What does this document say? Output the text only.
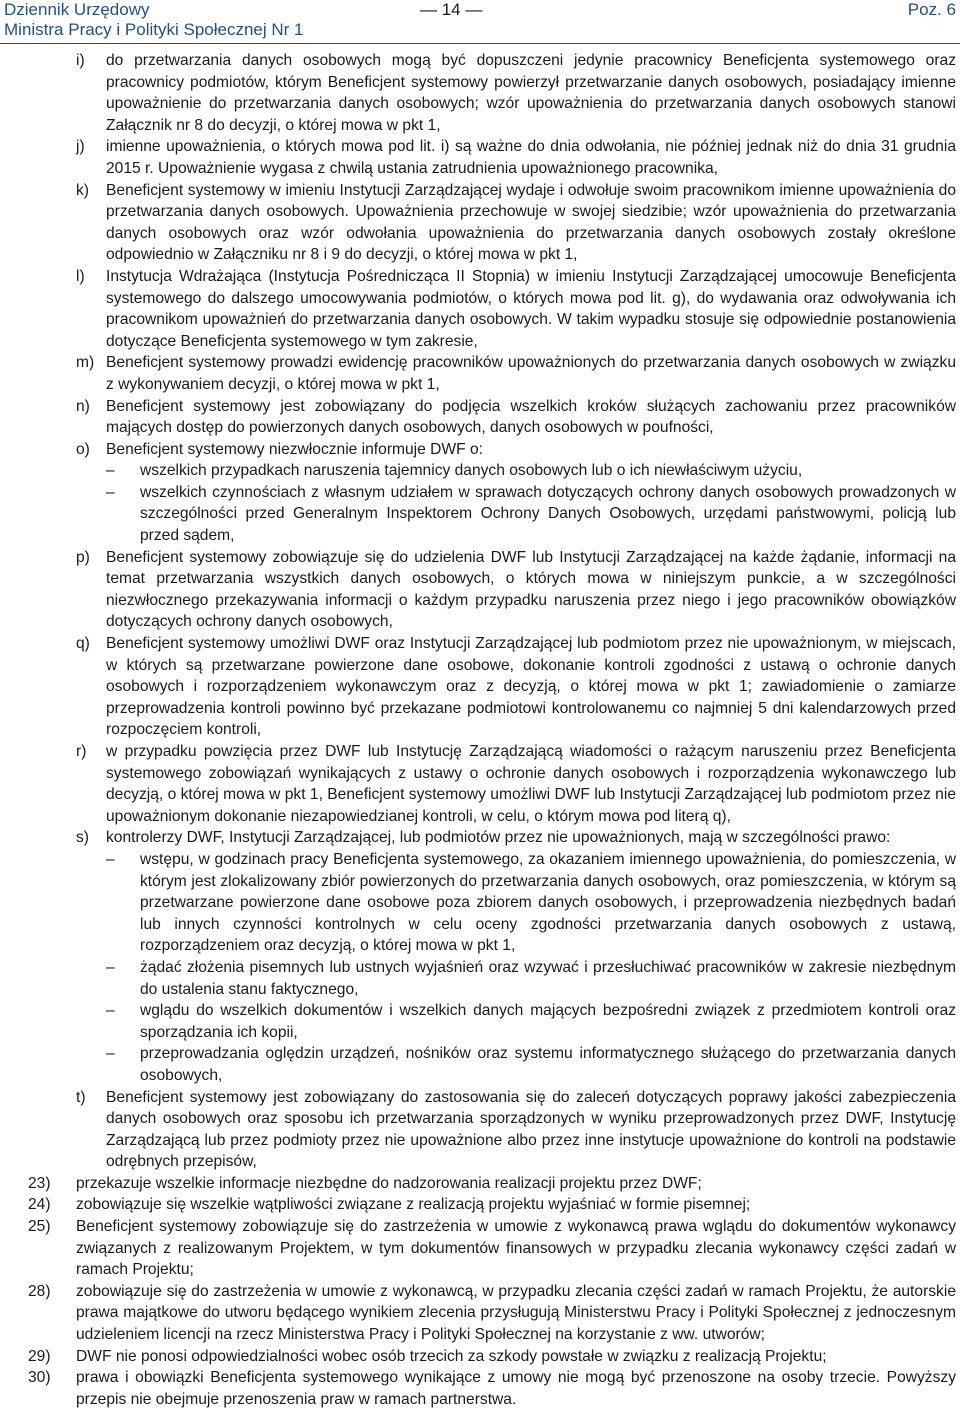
Dziennik Urzędowy
Ministra Pracy i Polityki Społecznej Nr 1
— 14 —	Poz. 6
i) do przetwarzania danych osobowych mogą być dopuszczeni jedynie pracownicy Beneficjenta systemowego oraz pracownicy podmiotów, którym Beneficjent systemowy powierzył przetwarzanie danych osobowych, posiadający imienne upoważnienie do przetwarzania danych osobowych; wzór upoważnienia do przetwarzania danych osobowych stanowi Załącznik nr 8 do decyzji, o której mowa w pkt 1,
j) imienne upoważnienia, o których mowa pod lit. i) są ważne do dnia odwołania, nie później jednak niż do dnia 31 grudnia 2015 r. Upoważnienie wygasa z chwilą ustania zatrudnienia upoważnionego pracownika,
k) Beneficjent systemowy w imieniu Instytucji Zarządzającej wydaje i odwołuje swoim pracownikom imienne upoważnienia do przetwarzania danych osobowych. Upoważnienia przechowuje w swojej siedzibie; wzór upoważnienia do przetwarzania danych osobowych oraz wzór odwołania upoważnienia do przetwarzania danych osobowych zostały określone odpowiednio w Załączniku nr 8 i 9 do decyzji, o której mowa w pkt 1,
l) Instytucja Wdrażająca (Instytucja Pośrednicząca II Stopnia) w imieniu Instytucji Zarządzającej umocowuje Beneficjenta systemowego do dalszego umocowywania podmiotów, o których mowa pod lit. g), do wydawania oraz odwoływania ich pracownikom upoważnień do przetwarzania danych osobowych. W takim wypadku stosuje się odpowiednie postanowienia dotyczące Beneficjenta systemowego w tym zakresie,
m) Beneficjent systemowy prowadzi ewidencję pracowników upoważnionych do przetwarzania danych osobowych w związku z wykonywaniem decyzji, o której mowa w pkt 1,
n) Beneficjent systemowy jest zobowiązany do podjęcia wszelkich kroków służących zachowaniu przez pracowników mających dostęp do powierzonych danych osobowych, danych osobowych w poufności,
o) Beneficjent systemowy niezwłocznie informuje DWF o:
– wszelkich przypadkach naruszenia tajemnicy danych osobowych lub o ich niewłaściwym użyciu,
– wszelkich czynnościach z własnym udziałem w sprawach dotyczących ochrony danych osobowych prowadzonych w szczególności przed Generalnym Inspektorem Ochrony Danych Osobowych, urzędami państwowymi, policją lub przed sądem,
p) Beneficjent systemowy zobowiązuje się do udzielenia DWF lub Instytucji Zarządzającej na każde żądanie, informacji na temat przetwarzania wszystkich danych osobowych, o których mowa w niniejszym punkcie, a w szczególności niezwłocznego przekazywania informacji o każdym przypadku naruszenia przez niego i jego pracowników obowiązków dotyczących ochrony danych osobowych,
q) Beneficjent systemowy umożliwi DWF oraz Instytucji Zarządzającej lub podmiotom przez nie upoważnionym, w miejscach, w których są przetwarzane powierzone dane osobowe, dokonanie kontroli zgodności z ustawą o ochronie danych osobowych i rozporządzeniem wykonawczym oraz z decyzją, o której mowa w pkt 1; zawiadomienie o zamiarze przeprowadzenia kontroli powinno być przekazane podmiotowi kontrolowanemu co najmniej 5 dni kalendarzowych przed rozpoczęciem kontroli,
r) w przypadku powzięcia przez DWF lub Instytucję Zarządzającą wiadomości o rażącym naruszeniu przez Beneficjenta systemowego zobowiązań wynikających z ustawy o ochronie danych osobowych i rozporządzenia wykonawczego lub decyzją, o której mowa w pkt 1, Beneficjent systemowy umożliwi DWF lub Instytucji Zarządzającej lub podmiotom przez nie upoważnionym dokonanie niezapowiedzianej kontroli, w celu, o którym mowa pod literą q),
s) kontrolerzy DWF, Instytucji Zarządzającej, lub podmiotów przez nie upoważnionych, mają w szczególności prawo:
– wstępu, w godzinach pracy Beneficjenta systemowego, za okazaniem imiennego upoważnienia, do pomieszczenia, w którym jest zlokalizowany zbiór powierzonych do przetwarzania danych osobowych, oraz pomieszczenia, w którym są przetwarzane powierzone dane osobowe poza zbiorem danych osobowych, i przeprowadzenia niezbędnych badań lub innych czynności kontrolnych w celu oceny zgodności przetwarzania danych osobowych z ustawą, rozporządzeniem oraz decyzją, o której mowa w pkt 1,
– żądać złożenia pisemnych lub ustnych wyjaśnień oraz wzywać i przesłuchiwać pracowników w zakresie niezbędnym do ustalenia stanu faktycznego,
– wglądu do wszelkich dokumentów i wszelkich danych mających bezpośredni związek z przedmiotem kontroli oraz sporządzania ich kopii,
– przeprowadzania oględzin urządzeń, nośników oraz systemu informatycznego służącego do przetwarzania danych osobowych,
t) Beneficjent systemowy jest zobowiązany do zastosowania się do zaleceń dotyczących poprawy jakości zabezpieczenia danych osobowych oraz sposobu ich przetwarzania sporządzonych w wyniku przeprowadzonych przez DWF, Instytucję Zarządzającą lub przez podmioty przez nie upoważnione albo przez inne instytucje upoważnione do kontroli na podstawie odrębnych przepisów,
23) przekazuje wszelkie informacje niezbędne do nadzorowania realizacji projektu przez DWF;
24) zobowiązuje się wszelkie wątpliwości związane z realizacją projektu wyjaśniać w formie pisemnej;
25) Beneficjent systemowy zobowiązuje się do zastrzeżenia w umowie z wykonawcą prawa wglądu do dokumentów wykonawcy związanych z realizowanym Projektem, w tym dokumentów finansowych w przypadku zlecania wykonawcy części zadań w ramach Projektu;
28) zobowiązuje się do zastrzeżenia w umowie z wykonawcą, w przypadku zlecania części zadań w ramach Projektu, że autorskie prawa majątkowe do utworu będącego wynikiem zlecenia przysługują Ministerstwu Pracy i Polityki Społecznej z jednoczesnym udzieleniem licencji na rzecz Ministerstwa Pracy i Polityki Społecznej na korzystanie z ww. utworów;
29) DWF nie ponosi odpowiedzialności wobec osób trzecich za szkody powstałe w związku z realizacją Projektu;
30) prawa i obowiązki Beneficjenta systemowego wynikające z umowy nie mogą być przenoszone na osoby trzecie. Powyższy przepis nie obejmuje przenoszenia praw w ramach partnerstwa.
